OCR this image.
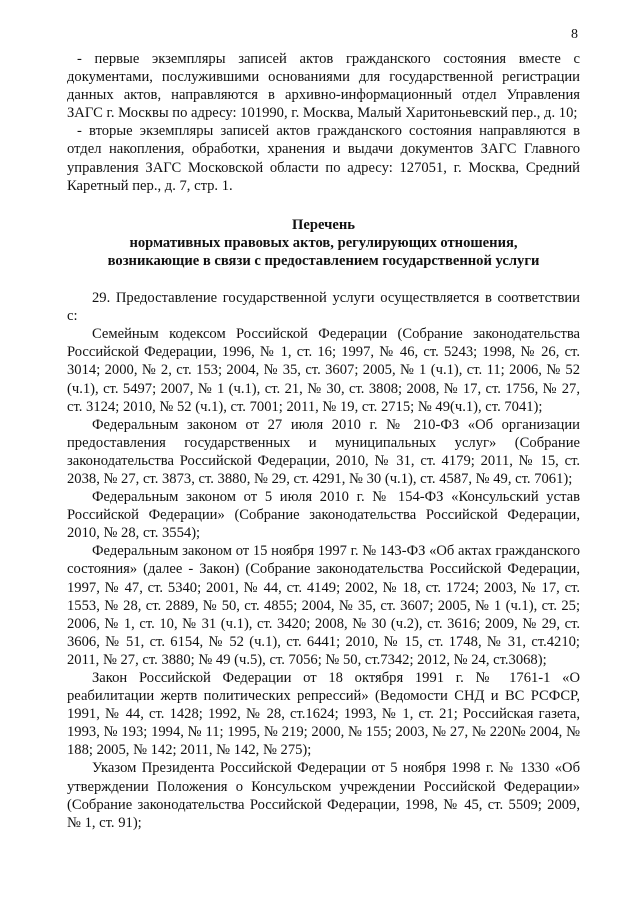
8

- первые экземпляры записей актов гражданского состояния вместе с документами, послужившими основаниями для государственной регистрации данных актов, направляются в архивно-информационный отдел Управления ЗАГС г. Москвы по адресу: 101990, г. Москва, Малый Харитоньевский пер., д. 10;

- вторые экземпляры записей актов гражданского состояния направляются в отдел накопления, обработки, хранения и выдачи документов ЗАГС Главного управления ЗАГС Московской области по адресу: 127051, г. Москва, Средний Каретный пер., д. 7, стр. 1.

Перечень
нормативных правовых актов, регулирующих отношения,
возникающие в связи с предоставлением государственной услуги

29. Предоставление государственной услуги осуществляется в соответствии с:

Семейным кодексом Российской Федерации (Собрание законодательства Российской Федерации, 1996, № 1, ст. 16; 1997, № 46, ст. 5243; 1998, № 26, ст. 3014; 2000, № 2, ст. 153; 2004, № 35, ст. 3607; 2005, № 1 (ч.1), ст. 11; 2006, № 52 (ч.1), ст. 5497; 2007, № 1 (ч.1), ст. 21, № 30, ст. 3808; 2008, № 17, ст. 1756, № 27, ст. 3124; 2010, № 52 (ч.1), ст. 7001; 2011, № 19, ст. 2715; № 49(ч.1), ст. 7041);

Федеральным законом от 27 июля 2010 г. № 210-ФЗ «Об организации предоставления государственных и муниципальных услуг» (Собрание законодательства Российской Федерации, 2010, № 31, ст. 4179; 2011, № 15, ст. 2038, № 27, ст. 3873, ст. 3880, № 29, ст. 4291, № 30 (ч.1), ст. 4587, № 49, ст. 7061);

Федеральным законом от 5 июля 2010 г. № 154-ФЗ «Консульский устав Российской Федерации» (Собрание законодательства Российской Федерации, 2010, № 28, ст. 3554);

Федеральным законом от 15 ноября 1997 г. № 143-ФЗ «Об актах гражданского состояния» (далее - Закон) (Собрание законодательства Российской Федерации, 1997, № 47, ст. 5340; 2001, № 44, ст. 4149; 2002, № 18, ст. 1724; 2003, № 17, ст. 1553, № 28, ст. 2889, № 50, ст. 4855; 2004, № 35, ст. 3607; 2005, № 1 (ч.1), ст. 25; 2006, № 1, ст. 10, № 31 (ч.1), ст. 3420; 2008, № 30 (ч.2), ст. 3616; 2009, № 29, ст. 3606, № 51, ст. 6154, № 52 (ч.1), ст. 6441; 2010, № 15, ст. 1748, № 31, ст.4210; 2011, № 27, ст. 3880; № 49 (ч.5), ст. 7056; № 50, ст.7342; 2012, № 24, ст.3068);

Закон Российской Федерации от 18 октября 1991 г. № 1761-1 «О реабилитации жертв политических репрессий» (Ведомости СНД и ВС РСФСР, 1991, № 44, ст. 1428; 1992, № 28, ст.1624; 1993, № 1, ст. 21; Российская газета, 1993, № 193; 1994, № 11; 1995, № 219; 2000, № 155; 2003, № 27, № 220№ 2004, № 188; 2005, № 142; 2011, № 142, № 275);

Указом Президента Российской Федерации от 5 ноября 1998 г. № 1330 «Об утверждении Положения о Консульском учреждении Российской Федерации» (Собрание законодательства Российской Федерации, 1998, № 45, ст. 5509; 2009, № 1, ст. 91);
